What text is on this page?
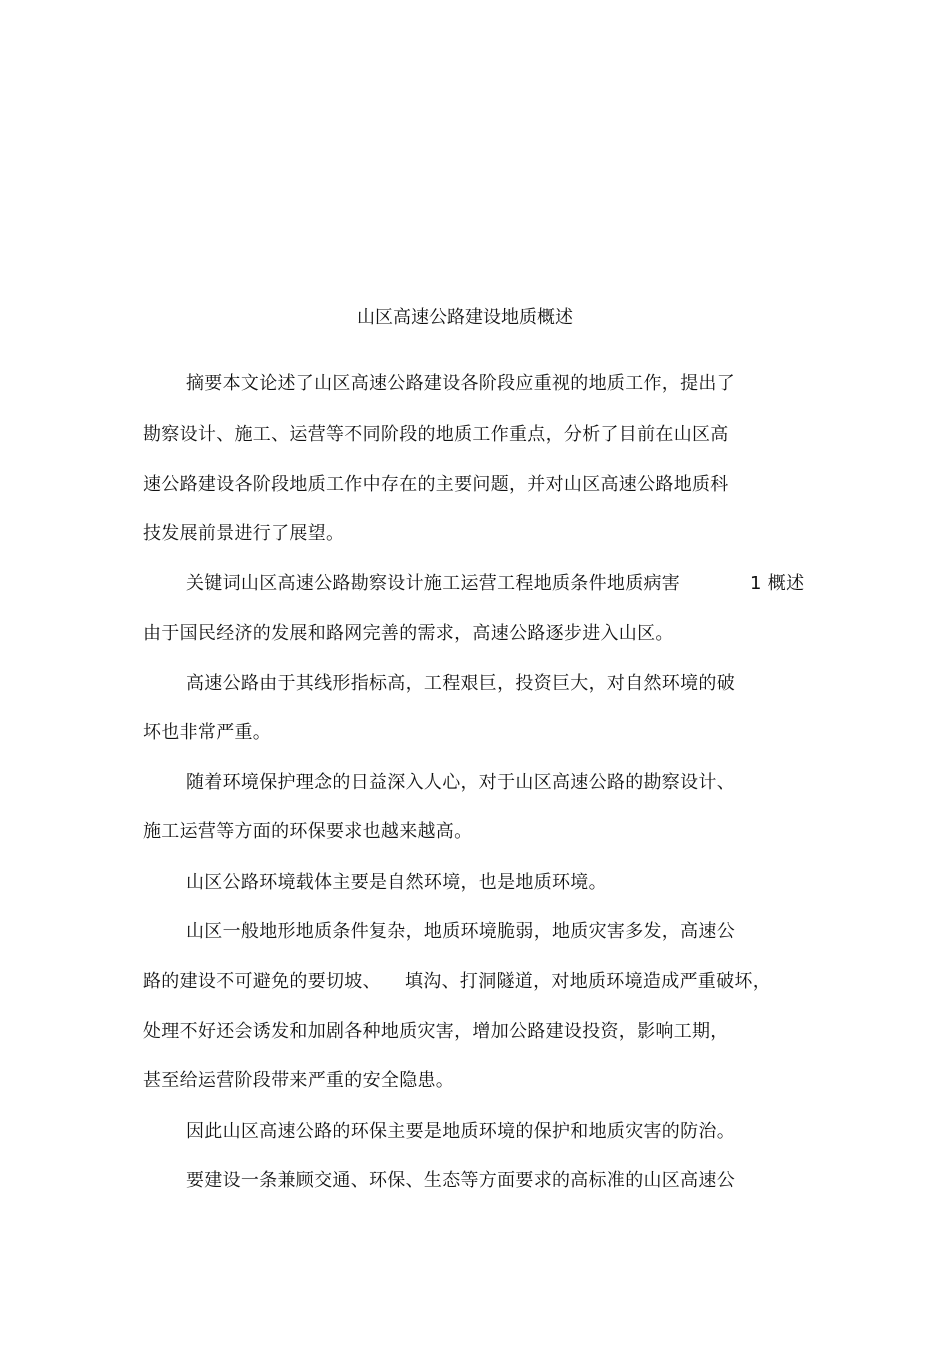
山区高速公路建设地质概述
摘要本文论述了山区高速公路建设各阶段应重视的地质工作，提出了
勘察设计、施工、运营等不同阶段的地质工作重点，分析了目前在山区高
速公路建设各阶段地质工作中存在的主要问题，并对山区高速公路地质科
技发展前景进行了展望。
关键词山区高速公路勘察设计施工运营工程地质条件地质病害	1 概述
由于国民经济的发展和路网完善的需求，高速公路逐步进入山区。
高速公路由于其线形指标高，工程艰巨，投资巨大，对自然环境的破
坏也非常严重。
随着环境保护理念的日益深入人心，对于山区高速公路的勘察设计、
施工运营等方面的环保要求也越来越高。
山区公路环境载体主要是自然环境，也是地质环境。
山区一般地形地质条件复杂，地质环境脆弱，地质灾害多发，高速公
路的建设不可避免的要切坡、 填沟、打洞隧道，对地质环境造成严重破坏，
处理不好还会诱发和加剧各种地质灾害，增加公路建设投资，影响工期，
甚至给运营阶段带来严重的安全隐患。
因此山区高速公路的环保主要是地质环境的保护和地质灾害的防治。
要建设一条兼顾交通、环保、生态等方面要求的高标准的山区高速公
